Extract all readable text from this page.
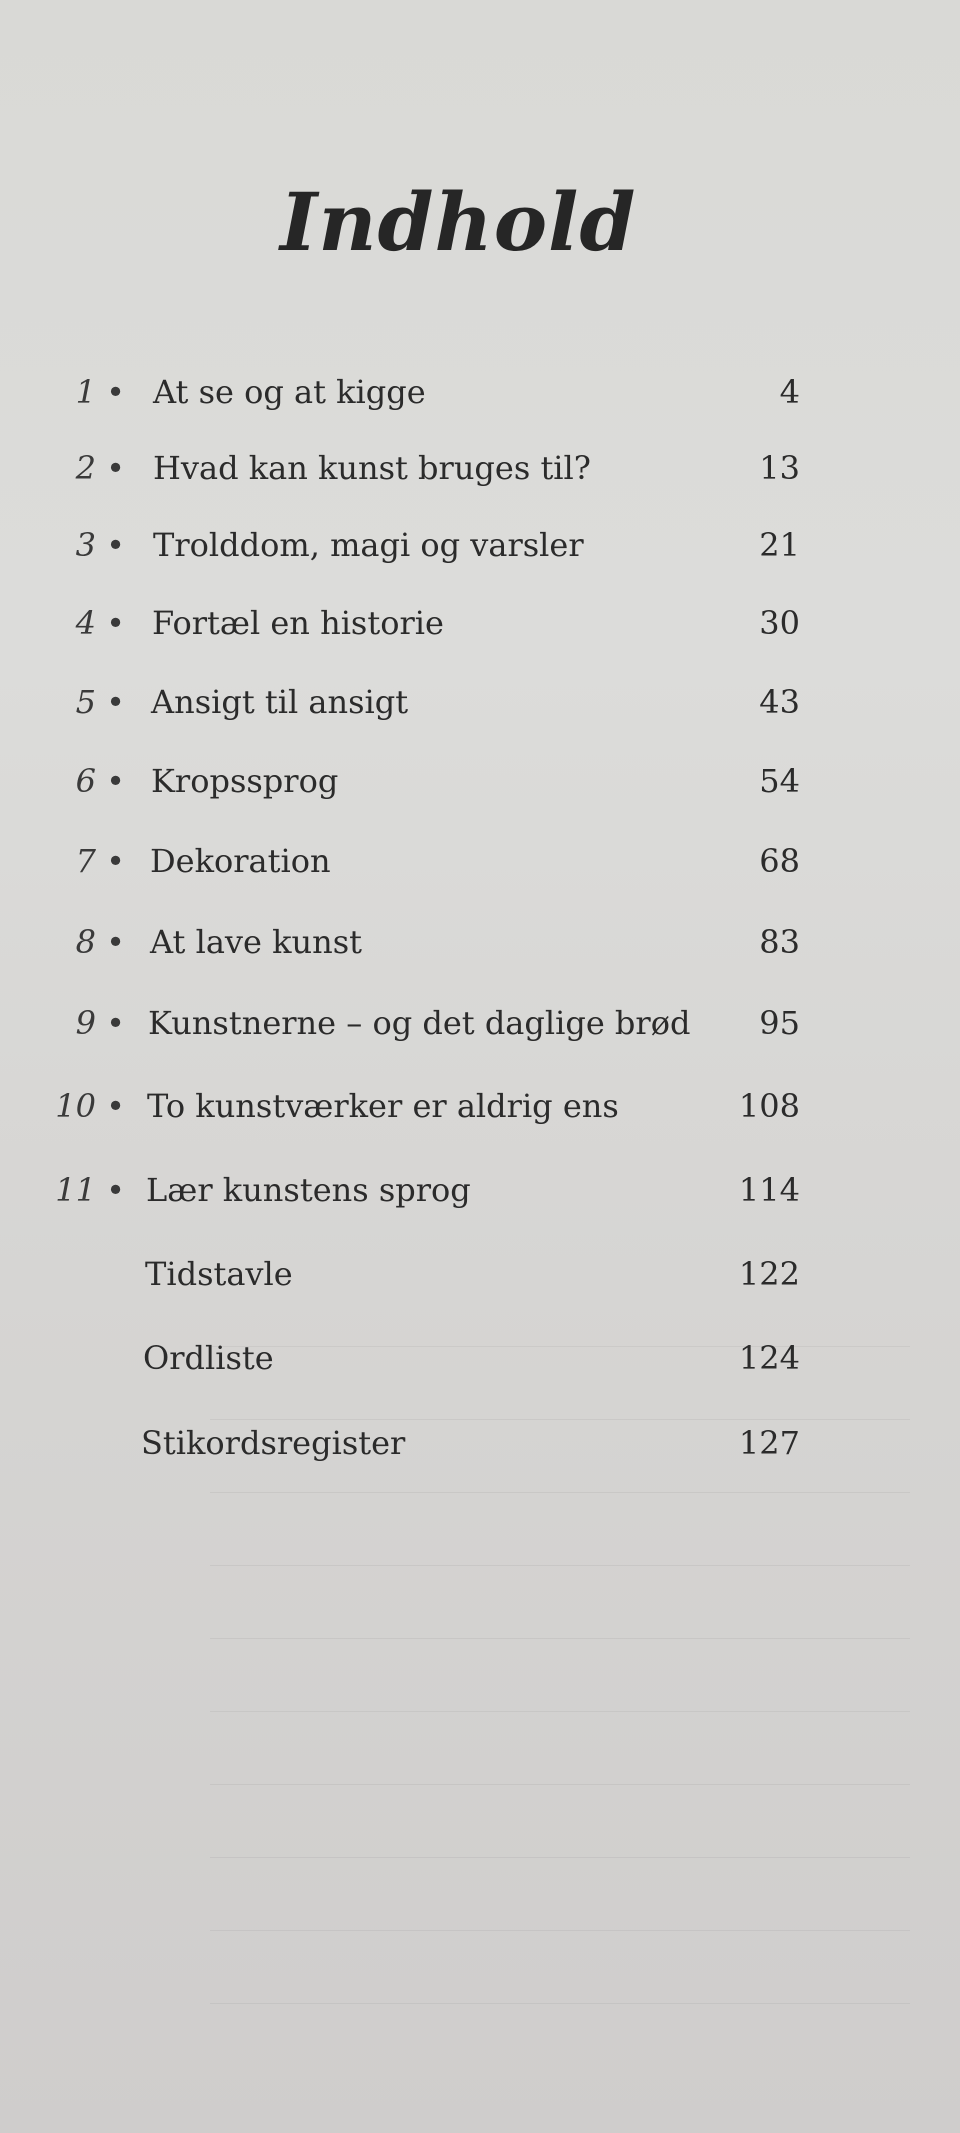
Indhold
1 • At se og at kigge	4
2 • Hvad kan kunst bruges til?	13
3 • Trolddom, magi og varsler	21
4 • Fortæl en historie	30
5 • Ansigt til ansigt	43
6 • Kropssprog	54
7 • Dekoration	68
8 • At lave kunst	83
9 • Kunstnerne – og det daglige brød 95
10 • To kunstværker er aldrig ens	108
11 • Lær kunstens sprog	114
Tidstavle	122
Ordliste	124
Stikordsregister	127
